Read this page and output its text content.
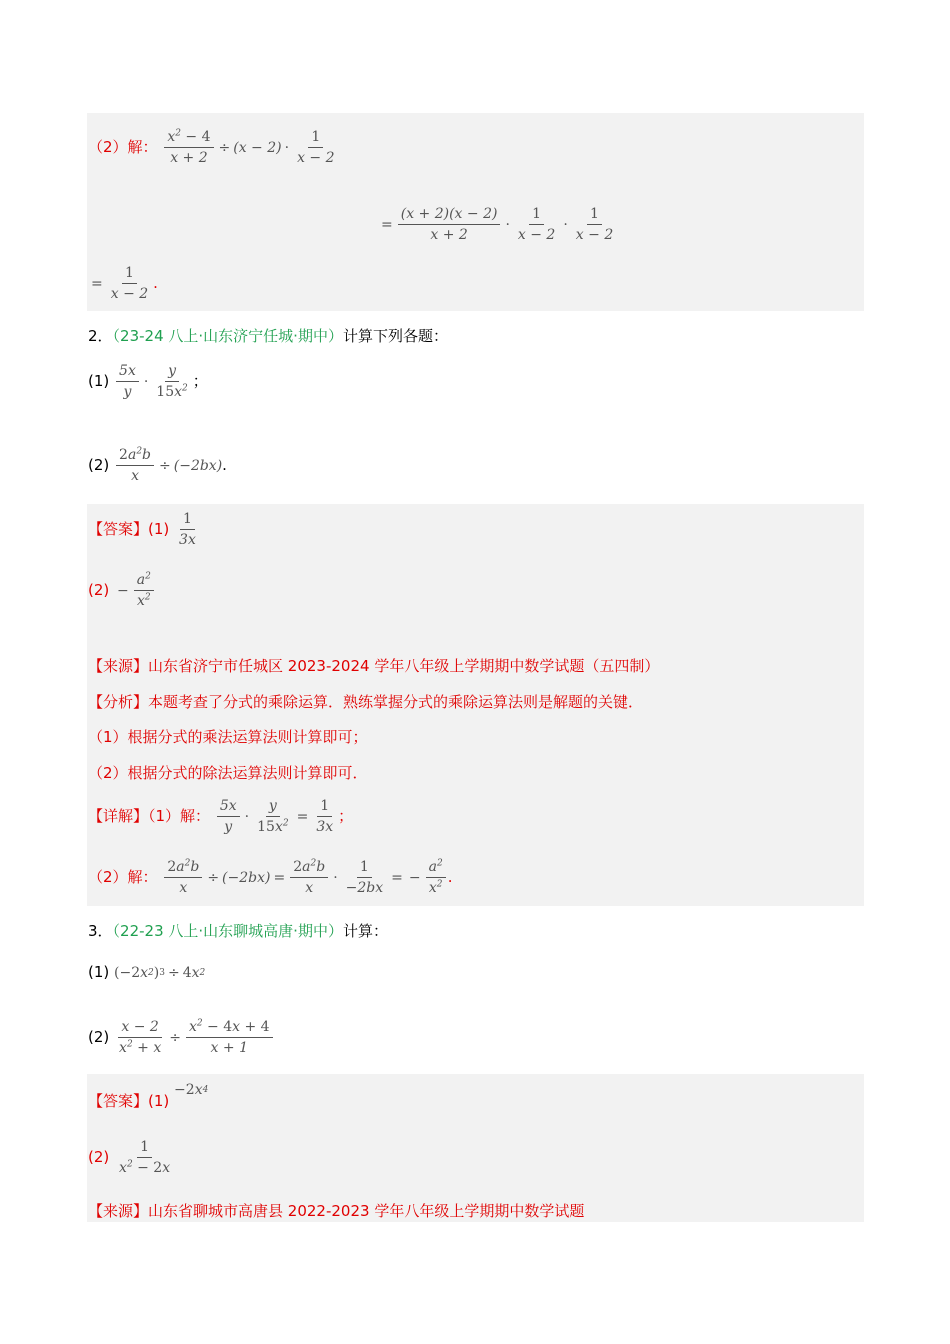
（2）解： $\frac{x^2 - 4}{x + 2} \div (x - 2) \cdot \frac{1}{x - 2}$
= $\frac{(x + 2)(x - 2)}{x + 2} \cdot \frac{1}{x - 2} \cdot \frac{1}{x - 2}$
= $\frac{1}{x - 2}$ .
2．（23-24 八上·山东济宁任城·期中）计算下列各题：
$(1) \frac{5x}{y} \cdot \frac{y}{15x^2}$ ；
$(2) \frac{2a^2b}{x} \div (-2bx)$ .
【答案】$(1) \frac{1}{3x}$
$(2) - \frac{a^2}{x^2}$
【来源】山东省济宁市任城区 2023-2024 学年八年级上学期期中数学试题（五四制）
【分析】本题考查了分式的乘除运算．熟练掌握分式的乘除运算法则是解题的关键．
（1）根据分式的乘法运算法则计算即可；
（2）根据分式的除法运算法则计算即可．
【详解】（1）解： $\frac{5x}{y} \cdot \frac{y}{15x^2} = \frac{1}{3x}$ ；
（2）解： $\frac{2a^2b}{x} \div (-2bx) = \frac{2a^2b}{x} \cdot \frac{1}{-2bx}$ = − $\frac{a^2}{x^2}$ .
3．（22-23 八上·山东聊城高唐·期中）计算：
(1) (−2 x 2 ) 3 ÷ 4 x 2
$(2) \frac{x - 2}{x^2 + x} \div \frac{x^2 - 4x + 4}{x + 1}$
【答案】(1)
−2 x 4
$(2) \frac{1}{x^2 - 2x}$
【来源】山东省聊城市高唐县 2022-2023 学年八年级上学期期中数学试题
